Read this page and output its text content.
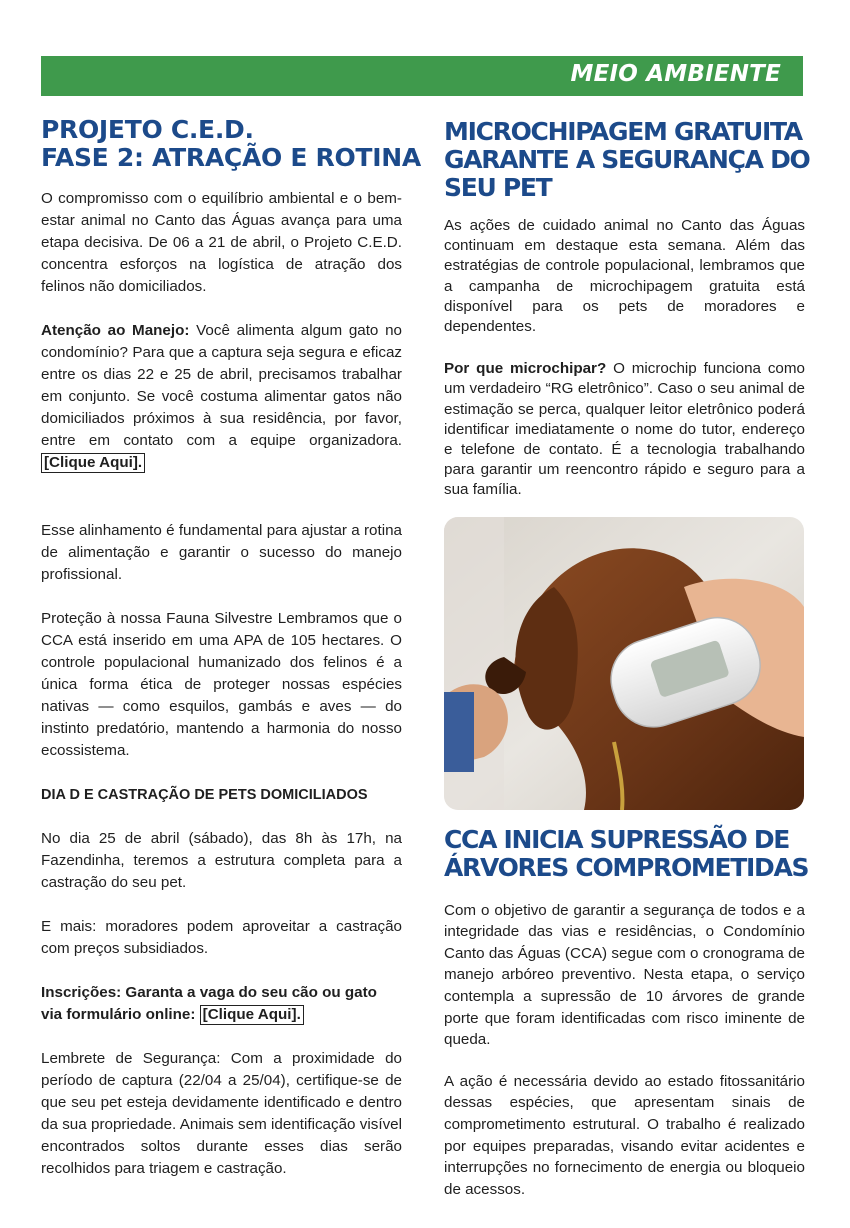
MEIO AMBIENTE
PROJETO C.E.D.
FASE 2: ATRAÇÃO E ROTINA

O compromisso com o equilíbrio ambiental e o bem-estar animal no Canto das Águas avança para uma etapa decisiva. De 06 a 21 de abril, o Projeto C.E.D. concentra esforços na logística de atração dos felinos não domiciliados.

Atenção ao Manejo: Você alimenta algum gato no condomínio? Para que a captura seja segura e eficaz entre os dias 22 e 25 de abril, precisamos trabalhar em conjunto. Se você costuma alimentar gatos não domiciliados próximos à sua residência, por favor, entre em contato com a equipe organizadora. [Clique Aqui].

Esse alinhamento é fundamental para ajustar a rotina de alimentação e garantir o sucesso do manejo profissional.

Proteção à nossa Fauna Silvestre Lembramos que o CCA está inserido em uma APA de 105 hectares. O controle populacional humanizado dos felinos é a única forma ética de proteger nossas espécies nativas — como esquilos, gambás e aves — do instinto predatório, mantendo a harmonia do nosso ecossistema.

DIA D E CASTRAÇÃO DE PETS DOMICILIADOS

No dia 25 de abril (sábado), das 8h às 17h, na Fazendinha, teremos a estrutura completa para a castração do seu pet.

E mais: moradores podem aproveitar a castração com preços subsidiados.

Inscrições: Garanta a vaga do seu cão ou gato via formulário online: [Clique Aqui].

Lembrete de Segurança: Com a proximidade do período de captura (22/04 a 25/04), certifique-se de que seu pet esteja devidamente identificado e dentro da sua propriedade. Animais sem identificação visível encontrados soltos durante esses dias serão recolhidos para triagem e castração.

MICROCHIPAGEM GRATUITA
GARANTE A SEGURANÇA DO
SEU PET

As ações de cuidado animal no Canto das Águas continuam em destaque esta semana. Além das estratégias de controle populacional, lembramos que a campanha de microchipagem gratuita está disponível para os pets de moradores e dependentes.

Por que microchipar? O microchip funciona como um verdadeiro “RG eletrônico”. Caso o seu animal de estimação se perca, qualquer leitor eletrônico poderá identificar imediatamente o nome do tutor, endereço e telefone de contato. É a tecnologia trabalhando para garantir um reencontro rápido e seguro para a sua família.

CCA INICIA SUPRESSÃO DE
ÁRVORES COMPROMETIDAS

Com o objetivo de garantir a segurança de todos e a integridade das vias e residências, o Condomínio Canto das Águas (CCA) segue com o cronograma de manejo arbóreo preventivo. Nesta etapa, o serviço contempla a supressão de 10 árvores de grande porte que foram identificadas com risco iminente de queda.

A ação é necessária devido ao estado fitossanitário dessas espécies, que apresentam sinais de comprometimento estrutural. O trabalho é realizado por equipes preparadas, visando evitar acidentes e interrupções no fornecimento de energia ou bloqueio de acessos.
